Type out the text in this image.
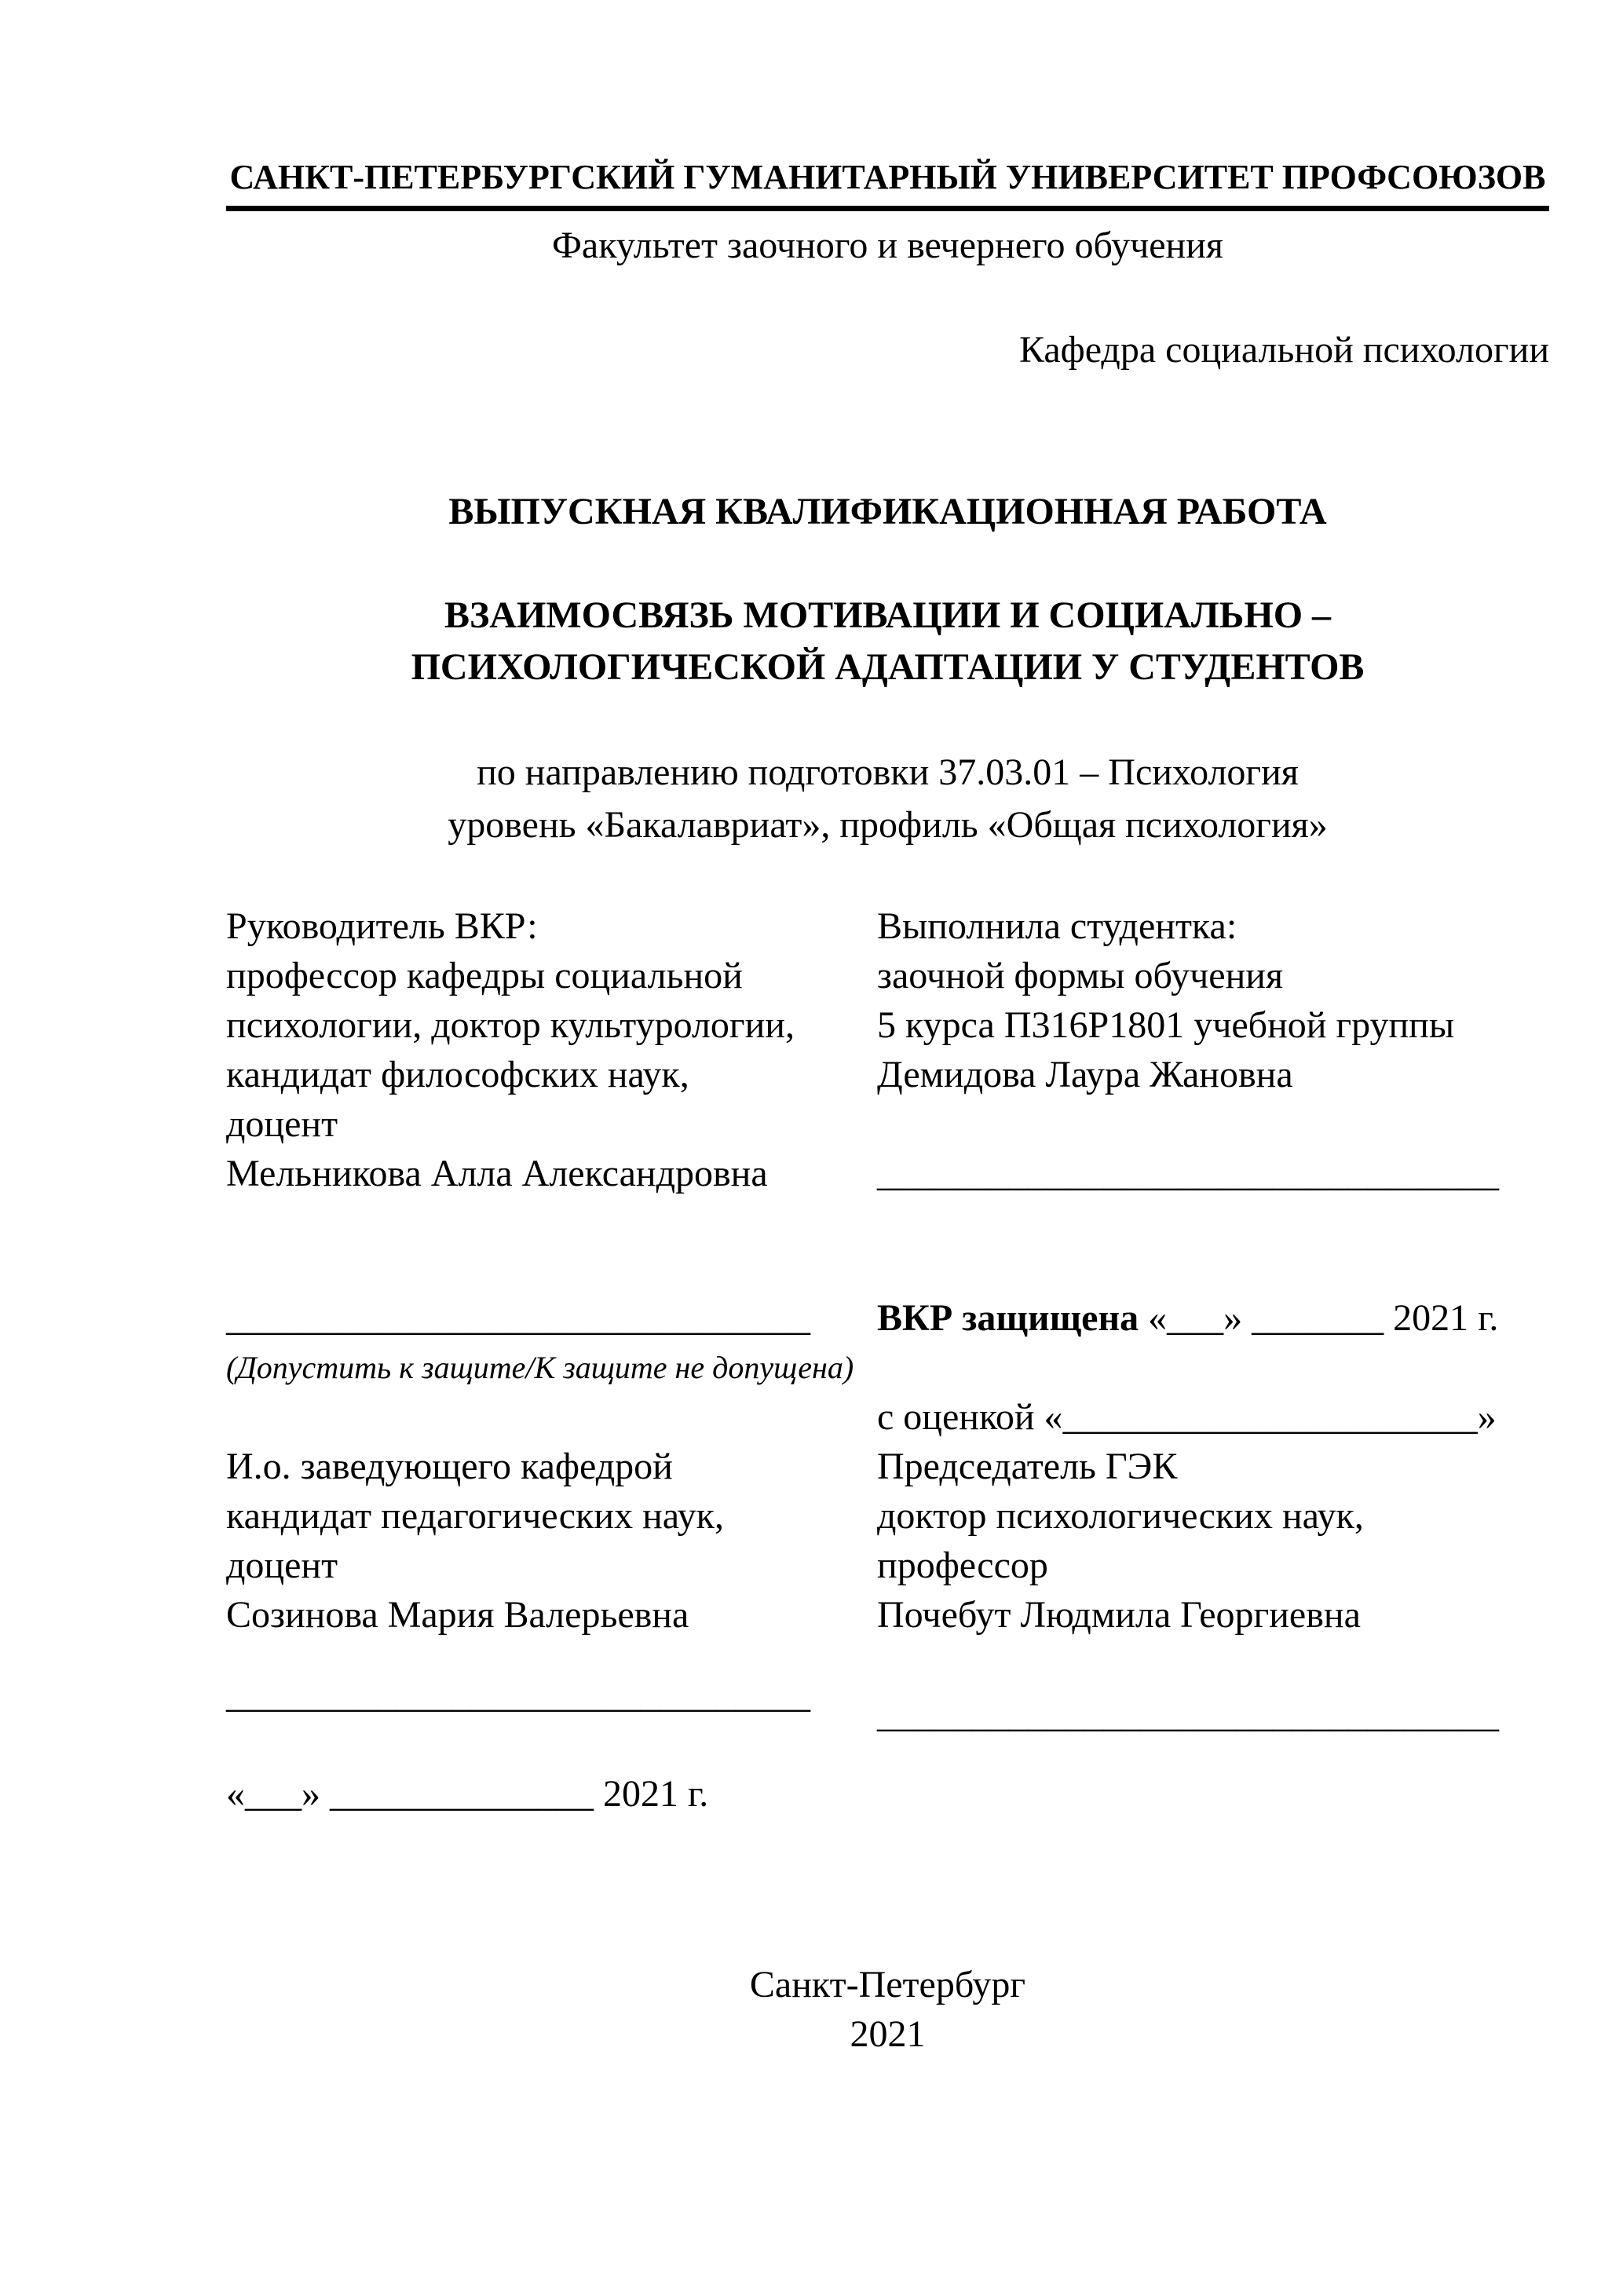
САНКТ-ПЕТЕРБУРГСКИЙ ГУМАНИТАРНЫЙ УНИВЕРСИТЕТ ПРОФСОЮЗОВ
Факультет заочного и вечернего обучения
Кафедра социальной психологии
ВЫПУСКНАЯ КВАЛИФИКАЦИОННАЯ РАБОТА
ВЗАИМОСВЯЗЬ МОТИВАЦИИ И СОЦИАЛЬНО –
ПСИХОЛОГИЧЕСКОЙ АДАПТАЦИИ У СТУДЕНТОВ
по направлению подготовки 37.03.01 – Психология
уровень «Бакалавриат», профиль «Общая психология»
Руководитель ВКР:
профессор кафедры социальной
психологии, доктор культурологии,
кандидат философских наук,
доцент
Мельникова Алла Александровна
Выполнила студентка:
заочной формы обучения
5 курса П316Р1801 учебной группы
Демидова Лаура Жановна

_________________________________
_______________________________
(Допустить к защите/К защите не допущена)

И.о. заведующего кафедрой
кандидат педагогических наук,
доцент
Созинова Мария Валерьевна
ВКР защищена «___» _______ 2021 г.

с оценкой «______________________»
Председатель ГЭК
доктор психологических наук,
профессор
Почебут Людмила Георгиевна
_______________________________

«___» ______________ 2021 г.
_________________________________
Санкт-Петербург
2021
